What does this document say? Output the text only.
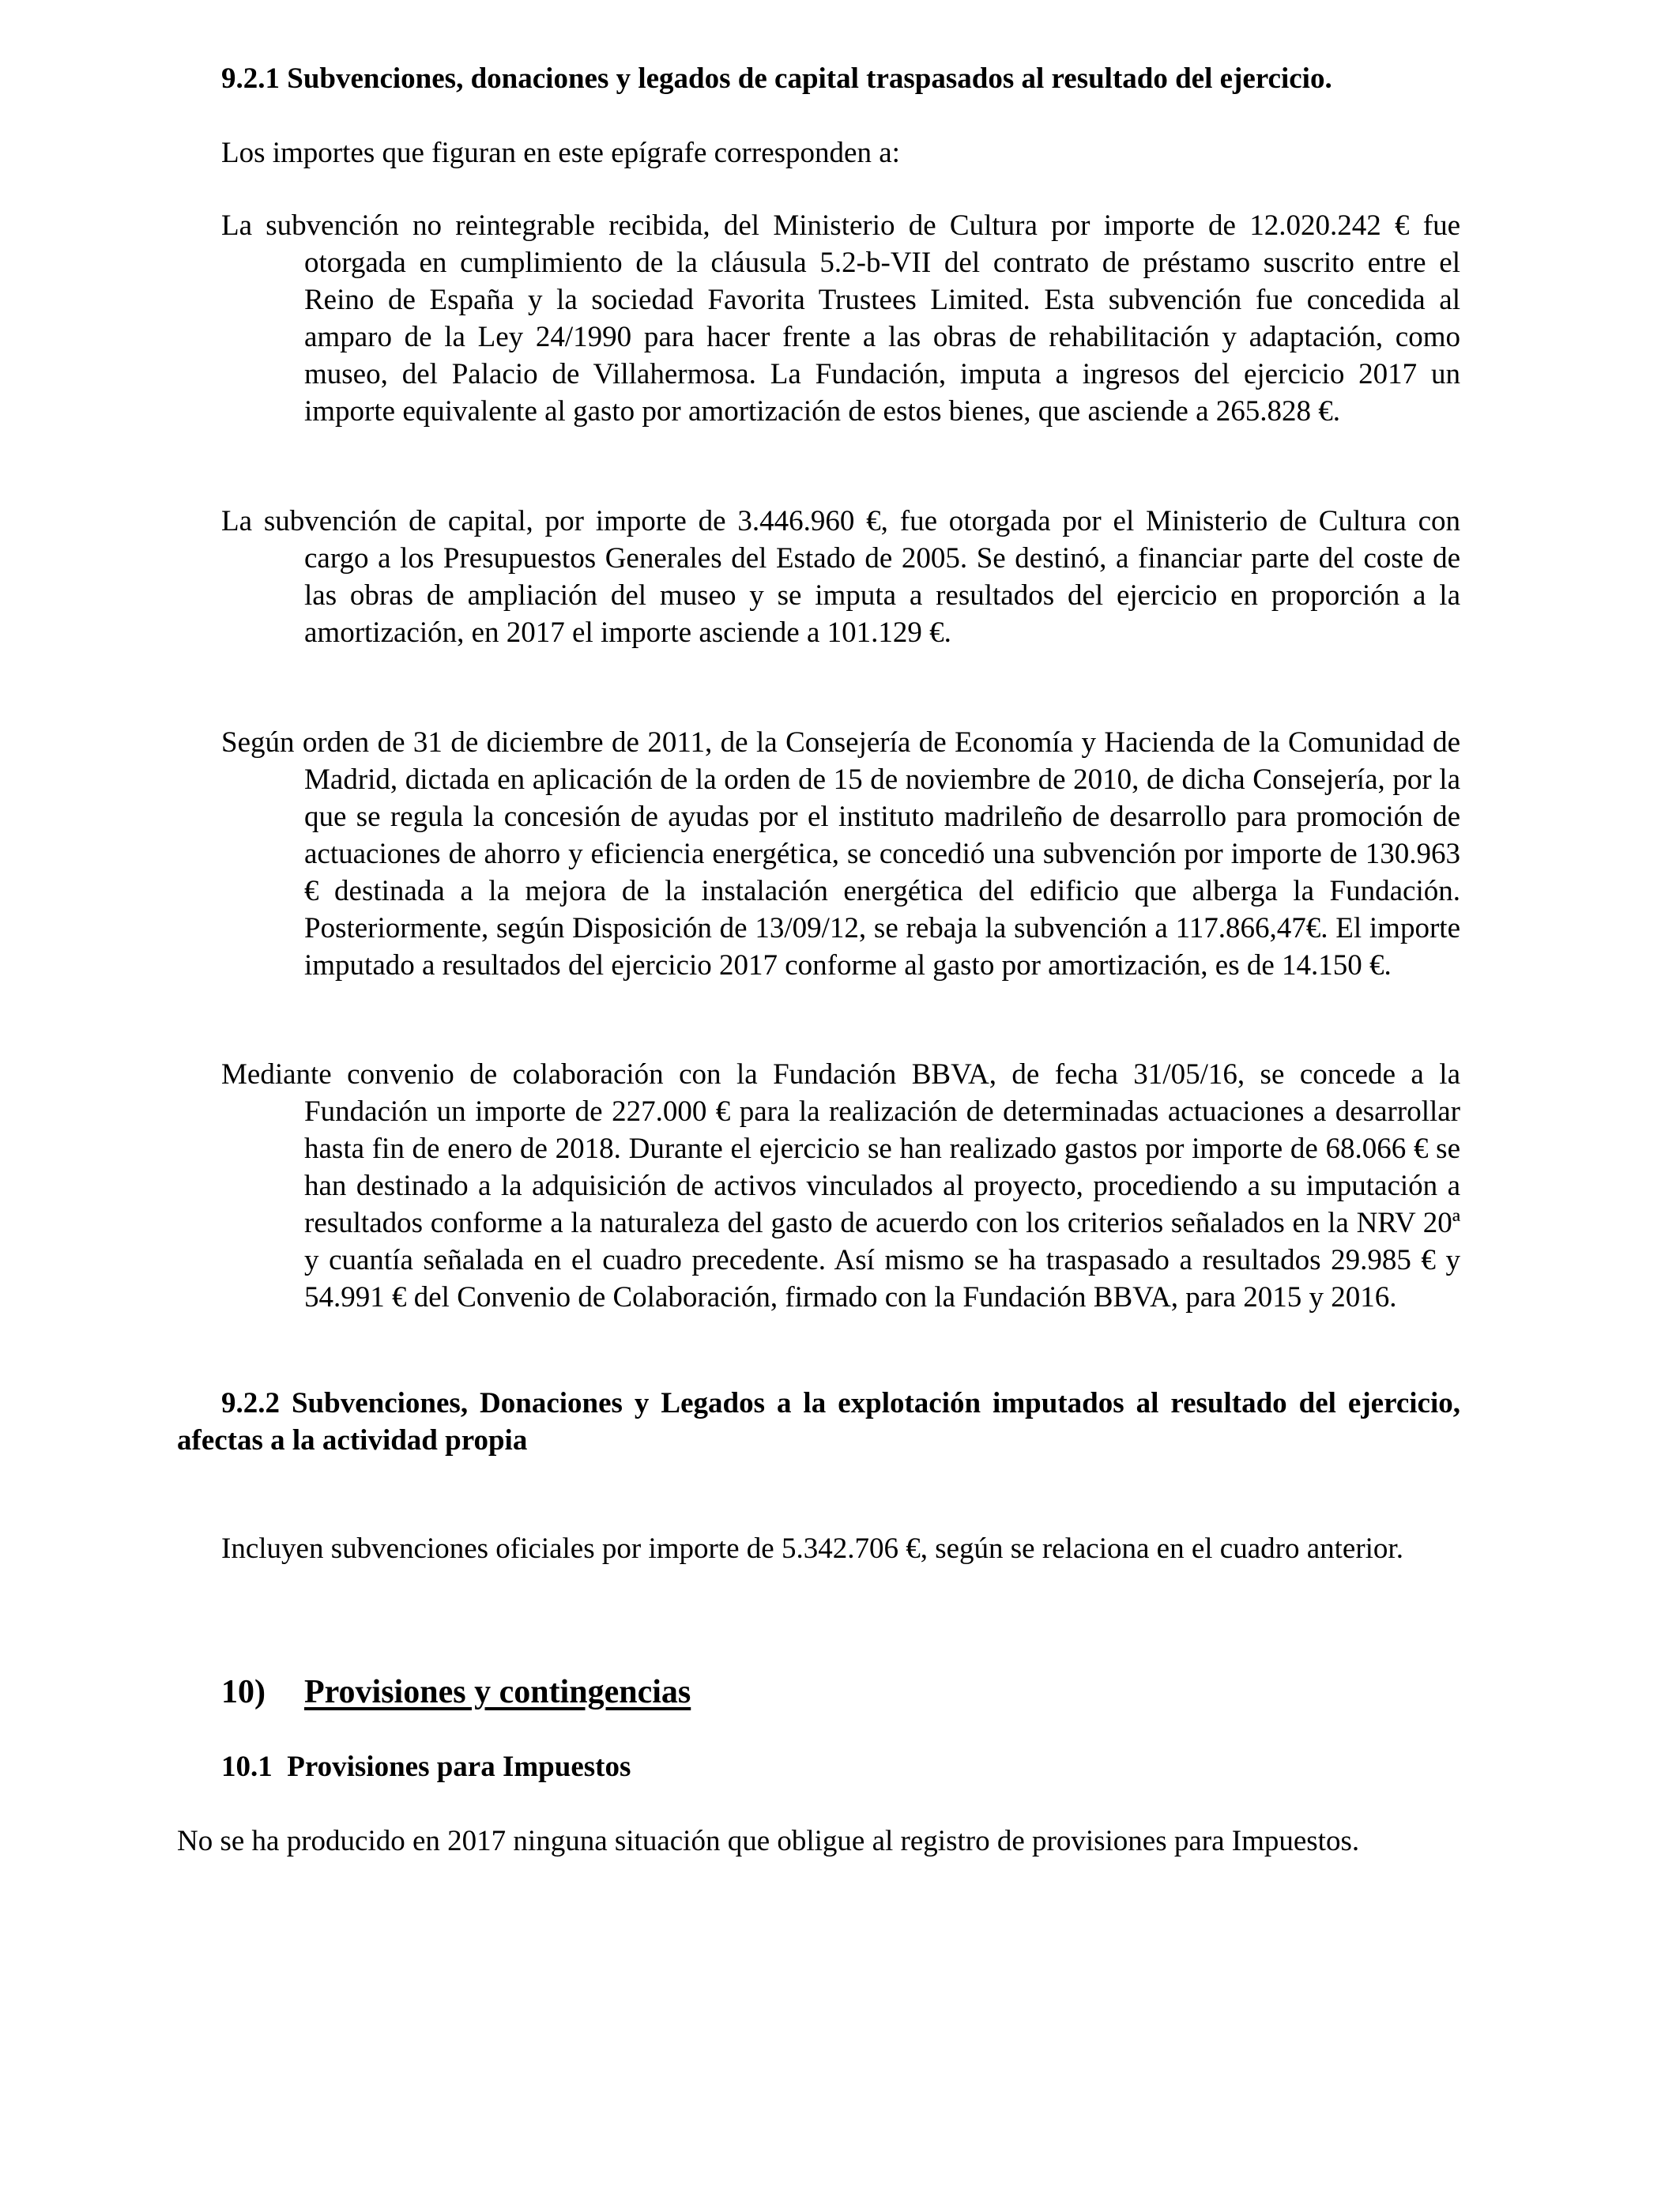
9.2.1 Subvenciones, donaciones y legados de capital traspasados al resultado del ejercicio.

Los importes que figuran en este epígrafe corresponden a:

La subvención no reintegrable recibida, del Ministerio de Cultura por importe de 12.020.242 € fue otorgada en cumplimiento de la cláusula 5.2-b-VII del contrato de préstamo suscrito entre el Reino de España y la sociedad Favorita Trustees Limited. Esta subvención fue concedida al amparo de la Ley 24/1990 para hacer frente a las obras de rehabilitación y adaptación, como museo, del Palacio de Villahermosa. La Fundación, imputa a ingresos del ejercicio 2017 un importe equivalente al gasto por amortización de estos bienes, que asciende a 265.828 €.

La subvención de capital, por importe de 3.446.960 €, fue otorgada por el Ministerio de Cultura con cargo a los Presupuestos Generales del Estado de 2005. Se destinó, a financiar parte del coste de las obras de ampliación del museo y se imputa a resultados del ejercicio en proporción a la amortización, en 2017 el importe asciende a 101.129 €.

Según orden de 31 de diciembre de 2011, de la Consejería de Economía y Hacienda de la Comunidad de Madrid, dictada en aplicación de la orden de 15 de noviembre de 2010, de dicha Consejería, por la que se regula la concesión de ayudas por el instituto madrileño de desarrollo para promoción de actuaciones de ahorro y eficiencia energética, se concedió una subvención por importe de 130.963 € destinada a la mejora de la instalación energética del edificio que alberga la Fundación. Posteriormente, según Disposición de 13/09/12, se rebaja la subvención a 117.866,47€. El importe imputado a resultados del ejercicio 2017 conforme al gasto por amortización, es de 14.150 €.

Mediante convenio de colaboración con la Fundación BBVA, de fecha 31/05/16, se concede a la Fundación un importe de 227.000 € para la realización de determinadas actuaciones a desarrollar hasta fin de enero de 2018. Durante el ejercicio se han realizado gastos por importe de 68.066 € se han destinado a la adquisición de activos vinculados al proyecto, procediendo a su imputación a resultados conforme a la naturaleza del gasto de acuerdo con los criterios señalados en la NRV 20ª y cuantía señalada en el cuadro precedente. Así mismo se ha traspasado a resultados 29.985 € y 54.991 € del Convenio de Colaboración, firmado con la Fundación BBVA, para 2015 y 2016.

9.2.2 Subvenciones, Donaciones y Legados a la explotación imputados al resultado del ejercicio, afectas a la actividad propia

Incluyen subvenciones oficiales por importe de 5.342.706 €, según se relaciona en el cuadro anterior.

10) Provisiones y contingencias

10.1  Provisiones para Impuestos

No se ha producido en 2017 ninguna situación que obligue al registro de provisiones para Impuestos.
